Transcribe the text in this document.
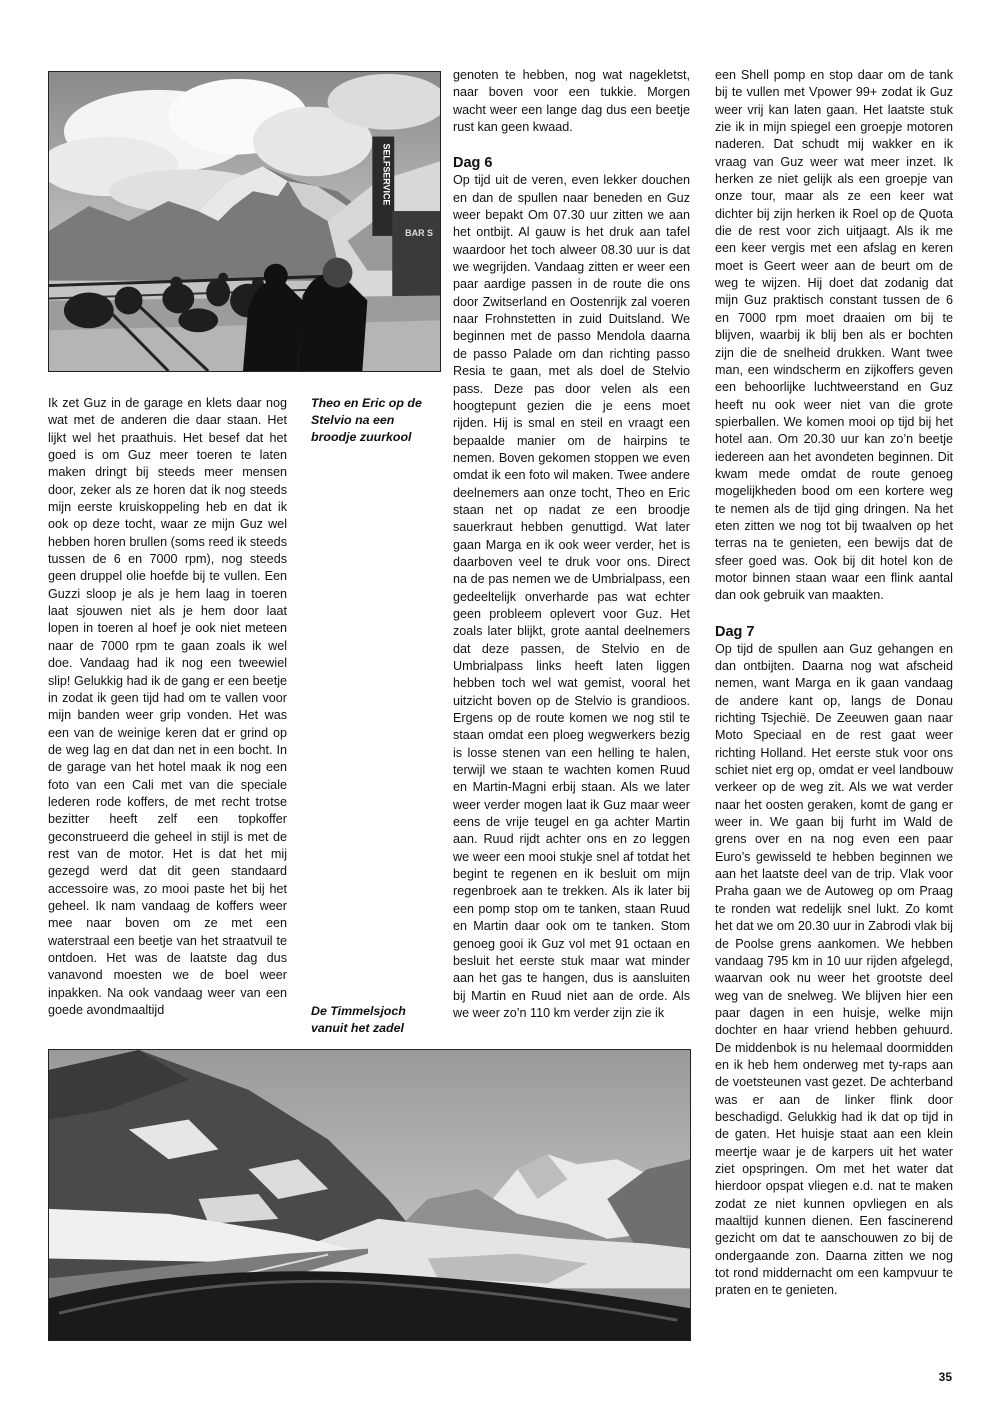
SELFSERVICE
BAR S
Theo en Eric op de Stelvio na een broodje zuurkool
De Timmelsjoch vanuit het zadel

Ik zet Guz in de garage en klets daar nog wat met de anderen die daar staan. Het lijkt wel het praathuis. Het besef dat het goed is om Guz meer toeren te laten maken dringt bij steeds meer mensen door, zeker als ze horen dat ik nog steeds mijn eerste kruiskoppeling heb en dat ik ook op deze tocht, waar ze mijn Guz wel hebben horen brullen (soms reed ik steeds tussen de 6 en 7000 rpm), nog steeds geen druppel olie hoefde bij te vullen. Een Guzzi sloop je als je hem laag in toeren laat sjouwen niet als je hem door laat lopen in toeren al hoef je ook niet meteen naar de 7000 rpm te gaan zoals ik wel doe. Vandaag had ik nog een tweewiel slip! Gelukkig had ik de gang er een beetje in zodat ik geen tijd had om te vallen voor mijn banden weer grip vonden. Het was een van de weinige keren dat er grind op de weg lag en dat dan net in een bocht. In de garage van het hotel maak ik nog een foto van een Cali met van die speciale lederen rode koffers, de met recht trotse bezitter heeft zelf een topkoffer geconstrueerd die geheel in stijl is met de rest van de motor. Het is dat het mij gezegd werd dat dit geen standaard accessoire was, zo mooi paste het bij het geheel. Ik nam vandaag de koffers weer mee naar boven om ze met een waterstraal een beetje van het straatvuil te ontdoen. Het was de laatste dag dus vanavond moesten we de boel weer inpakken. Na ook vandaag weer van een goede avondmaaltijd

genoten te hebben, nog wat nagekletst, naar boven voor een tukkie. Morgen wacht weer een lange dag dus een beetje rust kan geen kwaad.

Dag 6

Op tijd uit de veren, even lekker douchen en dan de spullen naar beneden en Guz weer bepakt Om 07.30 uur zitten we aan het ontbijt. Al gauw is het druk aan tafel waardoor het toch alweer 08.30 uur is dat we wegrijden. Vandaag zitten er weer een paar aardige passen in de route die ons door Zwitserland en Oostenrijk zal voeren naar Frohnstetten in zuid Duitsland. We beginnen met de passo Mendola daarna de passo Palade om dan richting passo Resia te gaan, met als doel de Stelvio pass. Deze pas door velen als een hoogtepunt gezien die je eens moet rijden. Hij is smal en steil en vraagt een bepaalde manier om de hairpins te nemen. Boven gekomen stoppen we even omdat ik een foto wil maken. Twee andere deelnemers aan onze tocht, Theo en Eric staan net op nadat ze een broodje sauerkraut hebben genuttigd. Wat later gaan Marga en ik ook weer verder, het is daarboven veel te druk voor ons. Direct na de pas nemen we de Umbrialpass, een gedeeltelijk onverharde pas wat echter geen probleem oplevert voor Guz. Het zoals later blijkt, grote aantal deelnemers dat deze passen, de Stelvio en de Umbrialpass links heeft laten liggen hebben toch wel wat gemist, vooral het uitzicht boven op de Stelvio is grandioos. Ergens op de route komen we nog stil te staan omdat een ploeg wegwerkers bezig is losse stenen van een helling te halen, terwijl we staan te wachten komen Ruud en Martin-Magni erbij staan. Als we later weer verder mogen laat ik Guz maar weer eens de vrije teugel en ga achter Martin aan. Ruud rijdt achter ons en zo leggen we weer een mooi stukje snel af totdat het begint te regenen en ik besluit om mijn regenbroek aan te trekken. Als ik later bij een pomp stop om te tanken, staan Ruud en Martin daar ook om te tanken. Stom genoeg gooi ik Guz vol met 91 octaan en besluit het eerste stuk maar wat minder aan het gas te hangen, dus is aansluiten bij Martin en Ruud niet aan de orde. Als we weer zo’n 110 km verder zijn zie ik

een Shell pomp en stop daar om de tank bij te vullen met Vpower 99+ zodat ik Guz weer vrij kan laten gaan. Het laatste stuk zie ik in mijn spiegel een groepje motoren naderen. Dat schudt mij wakker en ik vraag van Guz weer wat meer inzet. Ik herken ze niet gelijk als een groepje van onze tour, maar als ze een keer wat dichter bij zijn herken ik Roel op de Quota die de rest voor zich uitjaagt. Als ik me een keer vergis met een afslag en keren moet is Geert weer aan de beurt om de weg te wijzen. Hij doet dat zodanig dat mijn Guz praktisch constant tussen de 6 en 7000 rpm moet draaien om bij te blijven, waarbij ik blij ben als er bochten zijn die de snelheid drukken. Want twee man, een windscherm en zijkoffers geven een behoorlijke luchtweerstand en Guz heeft nu ook weer niet van die grote spierballen. We komen mooi op tijd bij het hotel aan. Om 20.30 uur kan zo’n beetje iedereen aan het avondeten beginnen. Dit kwam mede omdat de route genoeg mogelijkheden bood om een kortere weg te nemen als de tijd ging dringen. Na het eten zitten we nog tot bij twaalven op het terras na te genieten, een bewijs dat de sfeer goed was. Ook bij dit hotel kon de motor binnen staan waar een flink aantal dan ook gebruik van maakten.

Dag 7

Op tijd de spullen aan Guz gehangen en dan ontbijten. Daarna nog wat afscheid nemen, want Marga en ik gaan vandaag de andere kant op, langs de Donau richting Tsjechië. De Zeeuwen gaan naar Moto Speciaal en de rest gaat weer richting Holland. Het eerste stuk voor ons schiet niet erg op, omdat er veel landbouw verkeer op de weg zit. Als we wat verder naar het oosten geraken, komt de gang er weer in. We gaan bij furht im Wald de grens over en na nog even een paar Euro’s gewisseld te hebben beginnen we aan het laatste deel van de trip. Vlak voor Praha gaan we de Autoweg op om Praag te ronden wat redelijk snel lukt. Zo komt het dat we om 20.30 uur in Zabrodi vlak bij de Poolse grens aankomen. We hebben vandaag 795 km in 10 uur rijden afgelegd, waarvan ook nu weer het grootste deel weg van de snelweg. We blijven hier een paar dagen in een huisje, welke mijn dochter en haar vriend hebben gehuurd. De middenbok is nu helemaal doormidden en ik heb hem onderweg met ty-raps aan de voetsteunen vast gezet. De achterband was er aan de linker flink door beschadigd. Gelukkig had ik dat op tijd in de gaten. Het huisje staat aan een klein meertje waar je de karpers uit het water ziet opspringen. Om met het water dat hierdoor opspat vliegen e.d. nat te maken zodat ze niet kunnen opvliegen en als maaltijd kunnen dienen. Een fascinerend gezicht om dat te aanschouwen zo bij de ondergaande zon. Daarna zitten we nog tot rond middernacht om een kampvuur te praten en te genieten.

35
